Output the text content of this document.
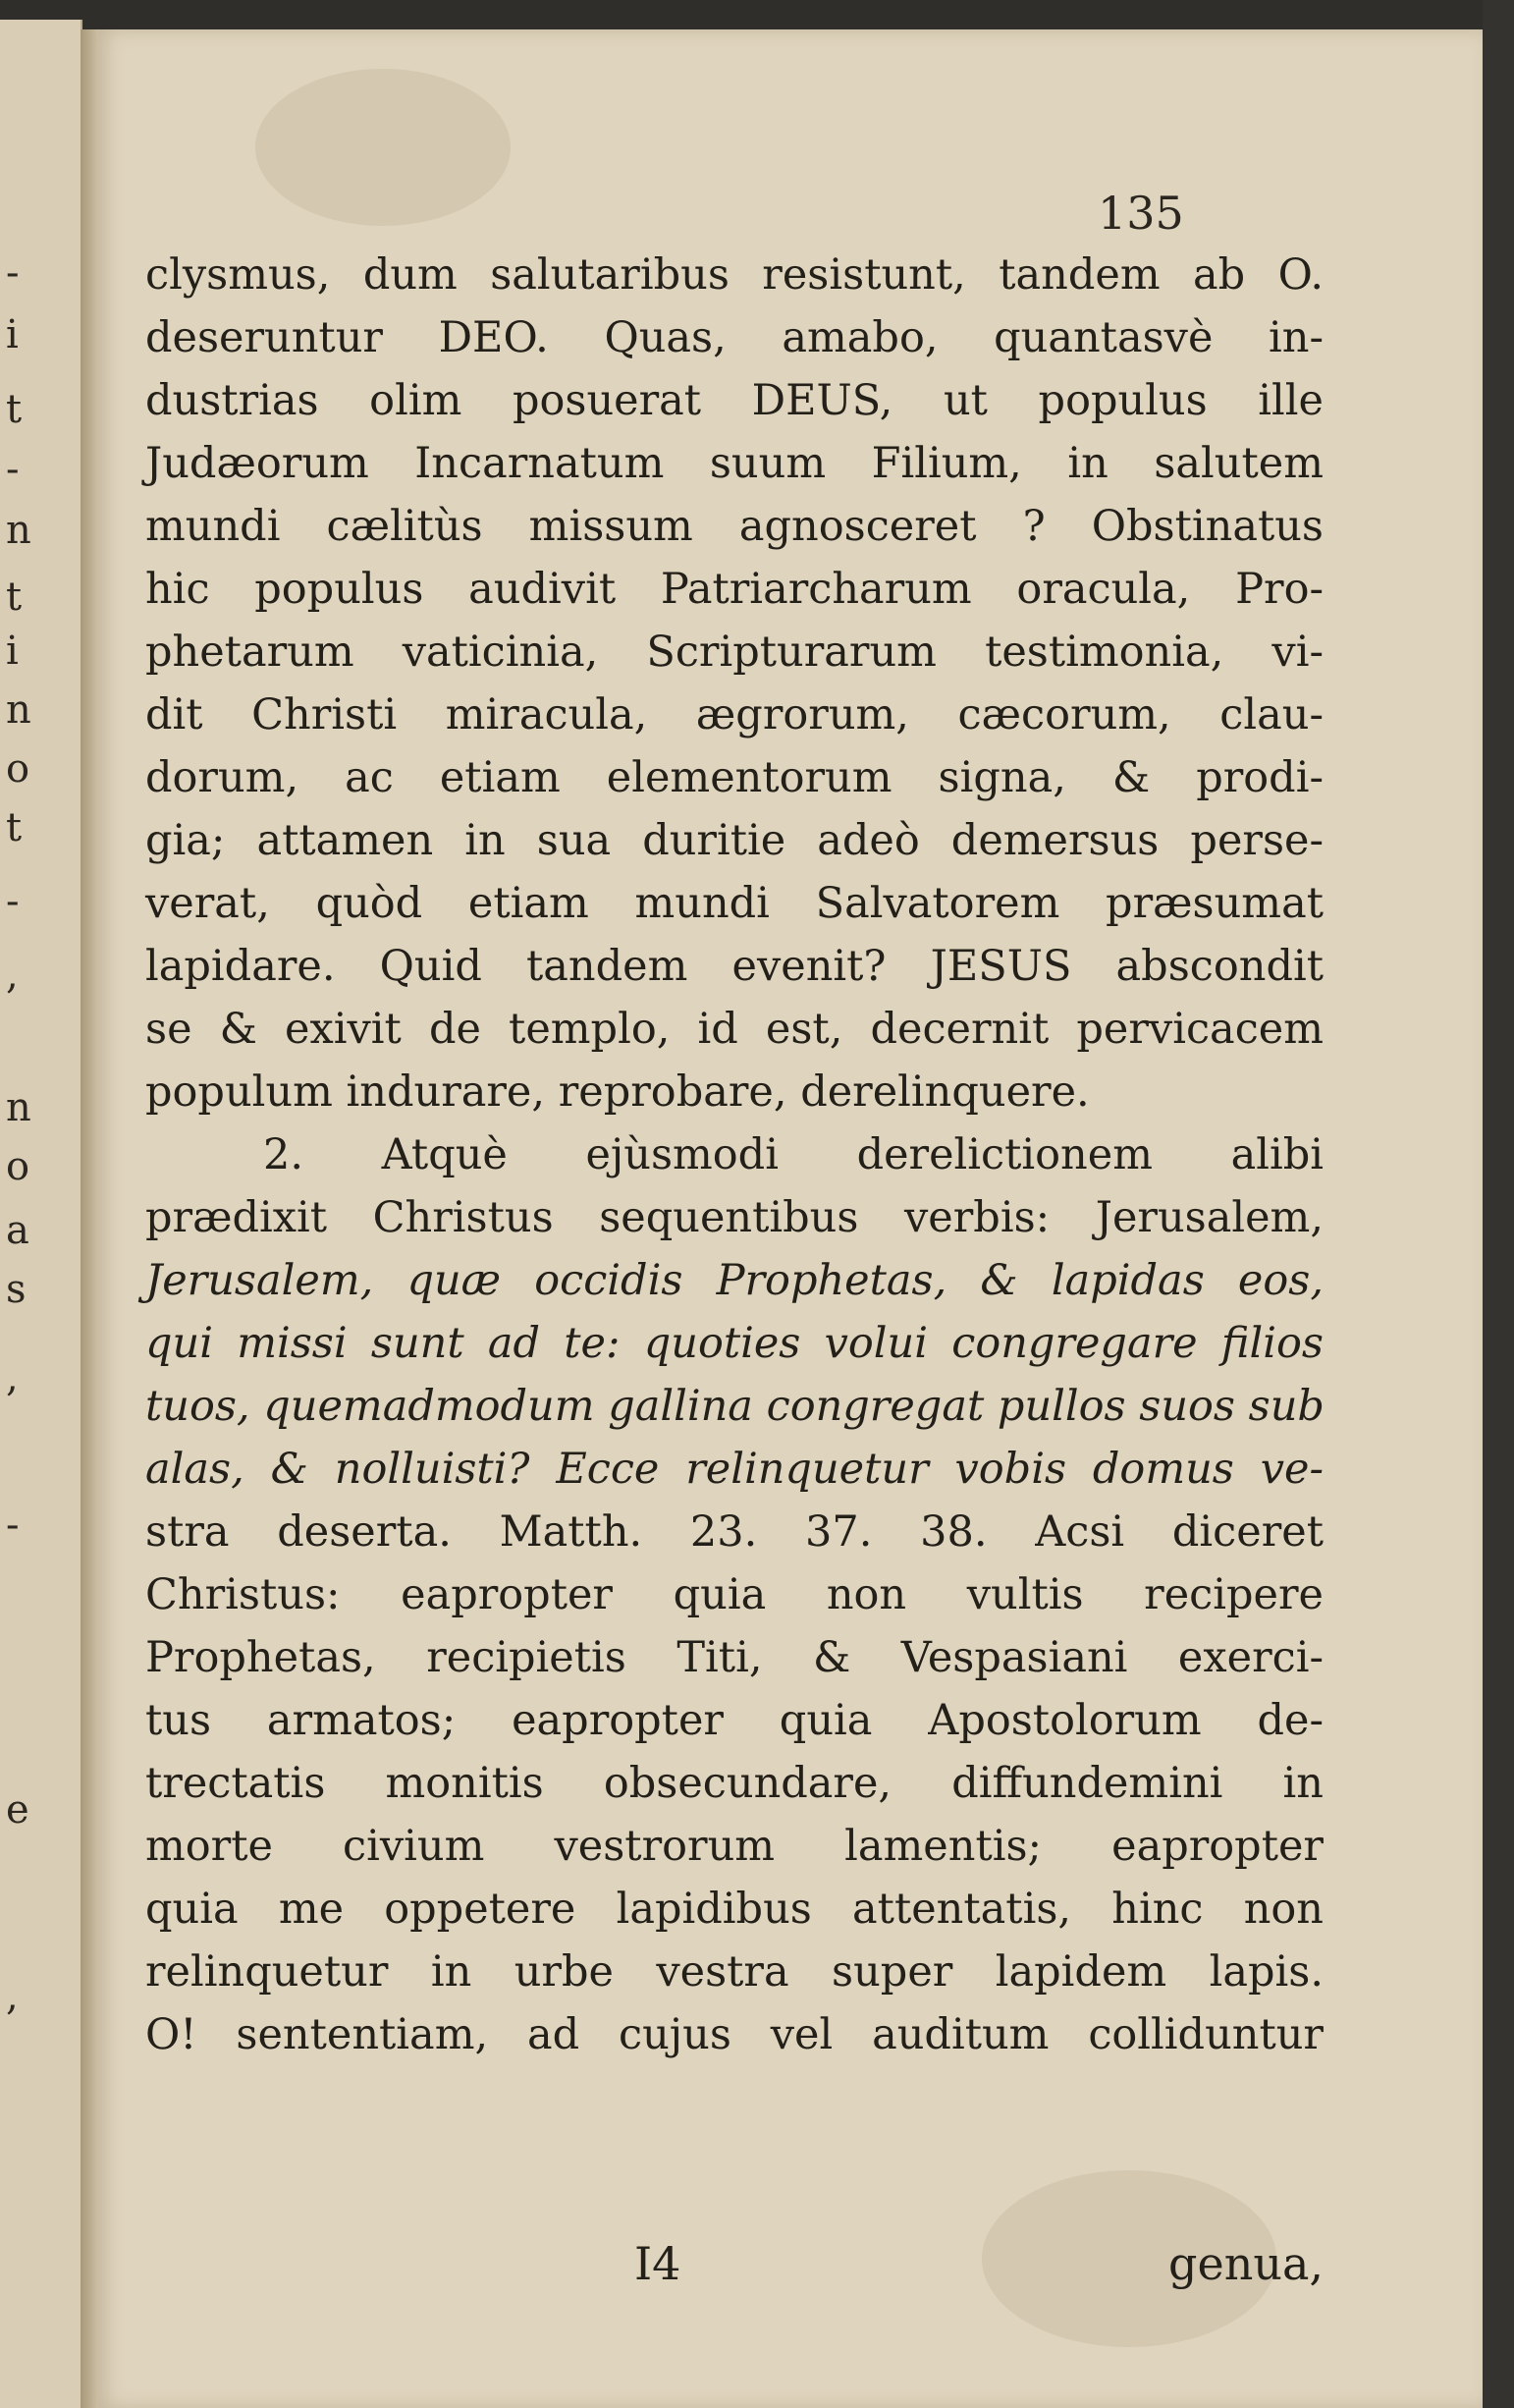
-
i
t
-
n
t
i
n
o
t
-
,
n
o
a
s
,
-
e
,
135
clysmus, dum salutaribus resistunt, tandem ab O.
deseruntur DEO. Quas, amabo, quantasvè in-
dustrias olim posuerat DEUS, ut populus ille
Judæorum Incarnatum suum Filium, in salutem
mundi cælitùs missum agnosceret ? Obstinatus
hic populus audivit Patriarcharum oracula, Pro-
phetarum vaticinia, Scripturarum testimonia, vi-
dit Christi miracula, ægrorum, cæcorum, clau-
dorum, ac etiam elementorum signa, & prodi-
gia; attamen in sua duritie adeò demersus perse-
verat, quòd etiam mundi Salvatorem præsumat
lapidare. Quid tandem evenit? JESUS abscondit
se & exivit de templo, id est, decernit pervicacem
populum indurare, reprobare, derelinquere.
2. Atquè ejùsmodi derelictionem alibi
prædixit Christus sequentibus verbis: Jerusalem,
Jerusalem, quæ occidis Prophetas, & lapidas eos,
qui missi sunt ad te: quoties volui congregare filios
tuos, quemadmodum gallina congregat pullos suos sub
alas, & nolluisti? Ecce relinquetur vobis domus ve-
stra deserta. Matth. 23. 37. 38. Acsi diceret
Christus: eapropter quia non vultis recipere
Prophetas, recipietis Titi, & Vespasiani exerci-
tus armatos; eapropter quia Apostolorum de-
trectatis monitis obsecundare, diffundemini in
morte civium vestrorum lamentis; eapropter
quia me oppetere lapidibus attentatis, hinc non
relinquetur in urbe vestra super lapidem lapis.
O! sententiam, ad cujus vel auditum colliduntur
I4	genua,
